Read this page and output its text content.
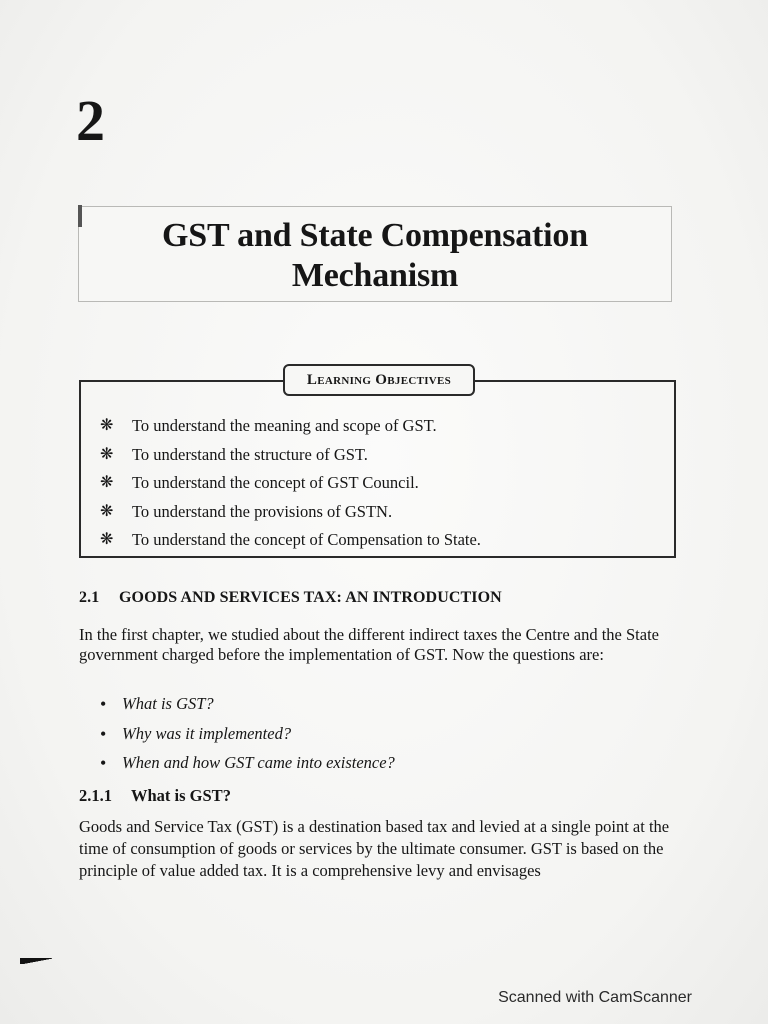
2
GST and State Compensation
Mechanism
Learning Objectives
❋ To understand the meaning and scope of GST.
❋ To understand the structure of GST.
❋ To understand the concept of GST Council.
❋ To understand the provisions of GSTN.
❋ To understand the concept of Compensation to State.
2.1 GOODS AND SERVICES TAX: AN INTRODUCTION

In the first chapter, we studied about the different indirect taxes the Centre and the State government charged before the implementation of GST. Now the questions are:

• What is GST?
• Why was it implemented?
• When and how GST came into existence?
2.1.1 What is GST?

Goods and Service Tax (GST) is a destination based tax and levied at a single point at the time of consumption of goods or services by the ultimate consumer. GST is based on the principle of value added tax. It is a comprehensive levy and envisages

Scanned with CamScanner
